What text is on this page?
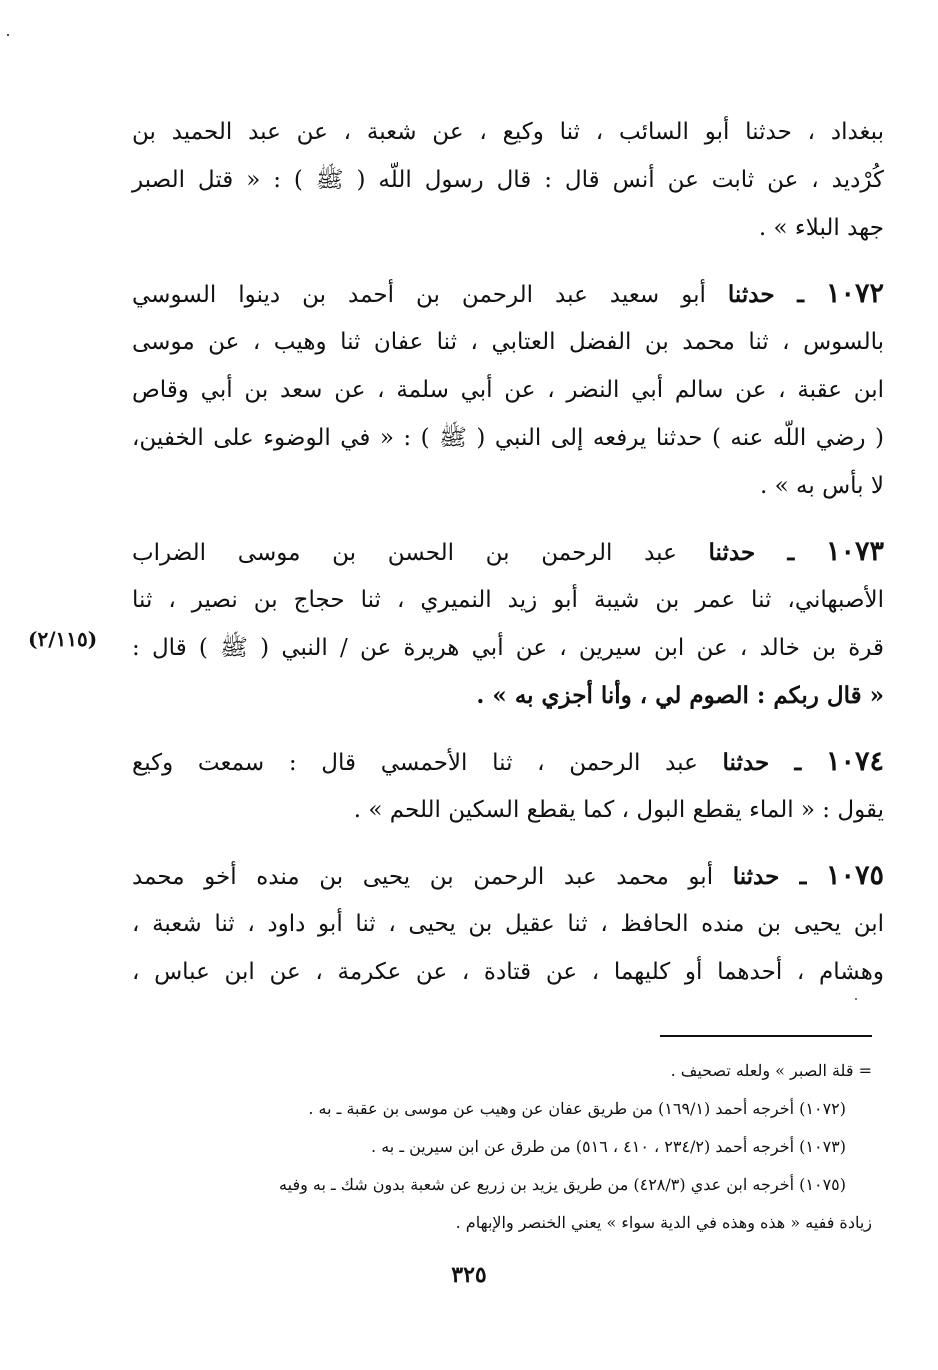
ببغداد ، حدثنا أبو السائب ، ثنا وكيع ، عن شعبة ، عن عبد الحميد بن
كُرْديد ، عن ثابت عن أنس قال : قال رسول اللّه ( ﷺ ) : « قتل الصبر
جهد البلاء » .
١٠٧٢ ـ حدثنا أبو سعيد عبد الرحمن بن أحمد بن دينوا السوسي
بالسوس ، ثنا محمد بن الفضل العتابي ، ثنا عفان ثنا وهيب ، عن موسى
ابن عقبة ، عن سالم أبي النضر ، عن أبي سلمة ، عن سعد بن أبي وقاص
( رضي اللّه عنه ) حدثنا يرفعه إلى النبي ( ﷺ ) : « في الوضوء على الخفين،
لا بأس به » .
١٠٧٣ ـ حدثنا عبد الرحمن بن الحسن بن موسى الضراب
الأصبهاني، ثنا عمر بن شيبة أبو زيد النميري ، ثنا حجاج بن نصير ، ثنا
قرة بن خالد ، عن ابن سيرين ، عن أبي هريرة عن / النبي ( ﷺ ) قال :
« قال ربكم : الصوم لي ، وأنا أجزي به » .
١٠٧٤ ـ حدثنا عبد الرحمن ، ثنا الأحمسي قال : سمعت وكيع
يقول : « الماء يقطع البول ، كما يقطع السكين اللحم » .
١٠٧٥ ـ حدثنا أبو محمد عبد الرحمن بن يحيى بن منده أخو محمد
ابن يحيى بن منده الحافظ ، ثنا عقيل بن يحيى ، ثنا أبو داود ، ثنا شعبة ،
وهشام ، أحدهما أو كليهما ، عن قتادة ، عن عكرمة ، عن ابن عباس ،
(٢/١١٥)
= قلة الصبر » ولعله تصحيف .
(١٠٧٢) أخرجه أحمد (١٦٩/١) من طريق عفان عن وهيب عن موسى بن عقبة ـ به .
(١٠٧٣) أخرجه أحمد (٢٣٤/٢ ، ٤١٠ ، ٥١٦) من طرق عن ابن سيرين ـ به .
(١٠٧٥) أخرجه ابن عدي (٤٢٨/٣) من طريق يزيد بن زريع عن شعبة بدون شك ـ به وفيه
زيادة ففيه « هذه وهذه في الدية سواء » يعني الخنصر والإبهام .
٣٢٥
